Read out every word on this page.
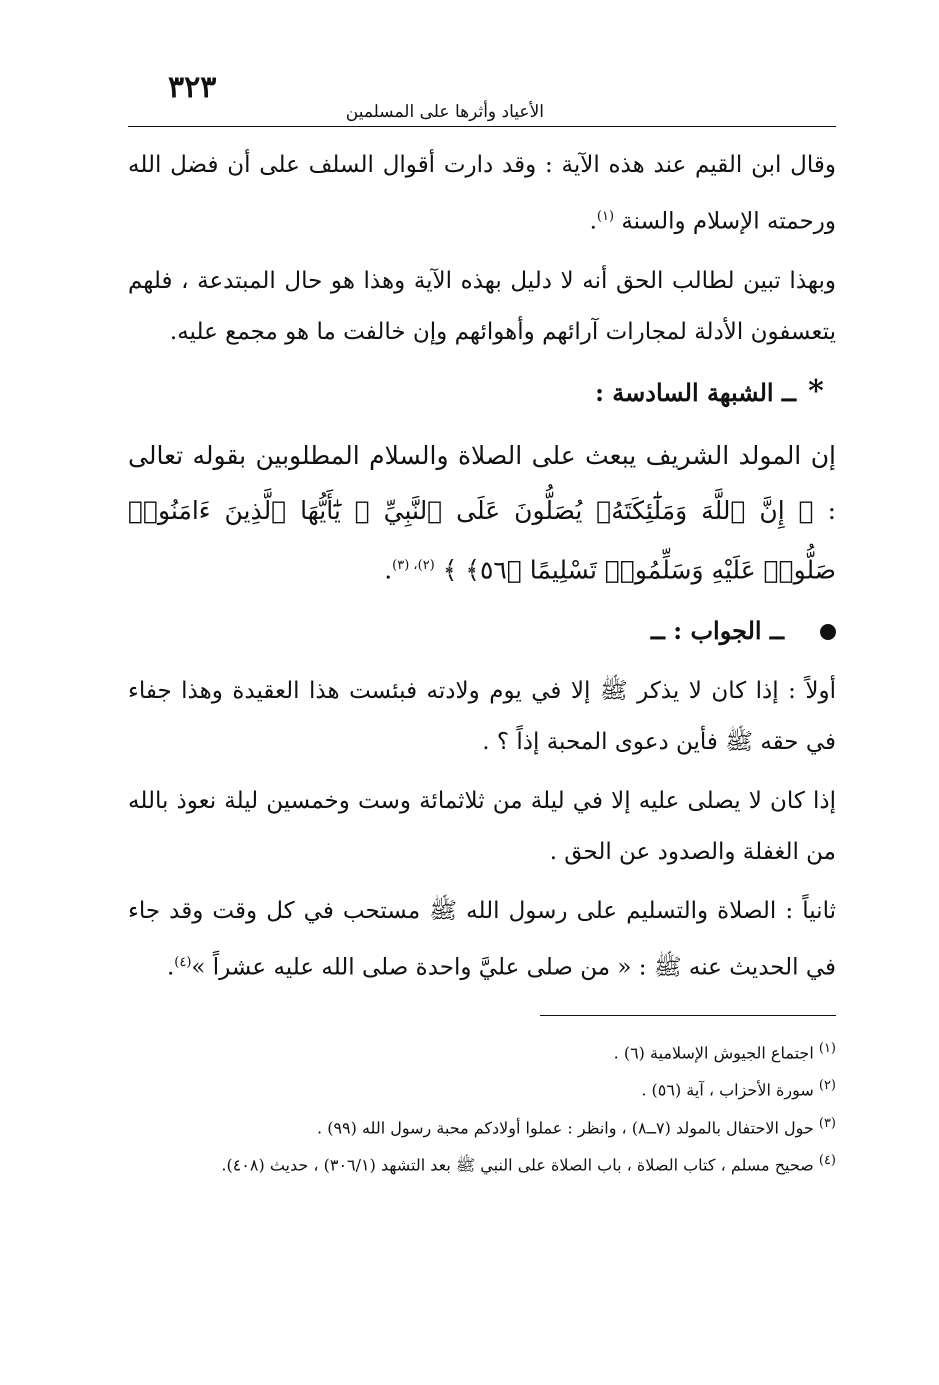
٣٢٣
الأعياد وأثرها على المسلمين

وقال ابن القيم عند هذه الآية : وقد دارت أقوال السلف على أن فضل الله ورحمته الإسلام والسنة $^{(١)}$.

وبهذا تبين لطالب الحق أنه لا دليل بهذه الآية وهذا هو حال المبتدعة ، فلهم يتعسفون الأدلة لمجارات آرائهم وأهوائهم وإن خالفت ما هو مجمع عليه.

*ــ الشبهة السادسة :

إن المولد الشريف يبعث على الصلاة والسلام المطلوبين بقوله تعالى : ﴿ إِنَّ ٱللَّهَ وَمَلَٰٓئِكَتَهُۥ يُصَلُّونَ عَلَى ٱلنَّبِيِّ ۚ يَٰٓأَيُّهَا ٱلَّذِينَ ءَامَنُوا۟ صَلُّوا۟ عَلَيْهِ وَسَلِّمُوا۟ تَسْلِيمًا ﴿٥٦﴾ ﴾ $^{(٢)، (٣)}$.

ــ الجواب : ــ

أولاً : إذا كان لا يذكر ﷺ إلا في يوم ولادته فبئست هذا العقيدة وهذا جفاء في حقه ﷺ فأين دعوى المحبة إذاً ؟ .

إذا كان لا يصلى عليه إلا في ليلة من ثلاثمائة وست وخمسين ليلة نعوذ بالله من الغفلة والصدود عن الحق .

ثانياً : الصلاة والتسليم على رسول الله ﷺ مستحب في كل وقت وقد جاء في الحديث عنه ﷺ : « من صلى عليَّ واحدة صلى الله عليه عشراً »$^{(٤)}$.

$^{(١)}$ اجتماع الجيوش الإسلامية (٦) .
$^{(٢)}$ سورة الأحزاب ، آية (٥٦) .
$^{(٣)}$ حول الاحتفال بالمولد (٧ــ٨) ، وانظر : عملوا أولادكم محبة رسول الله (٩٩) .
$^{(٤)}$ صحيح مسلم ، كتاب الصلاة ، باب الصلاة على النبي ﷺ بعد التشهد (٣٠٦/١) ، حديث (٤٠٨).
